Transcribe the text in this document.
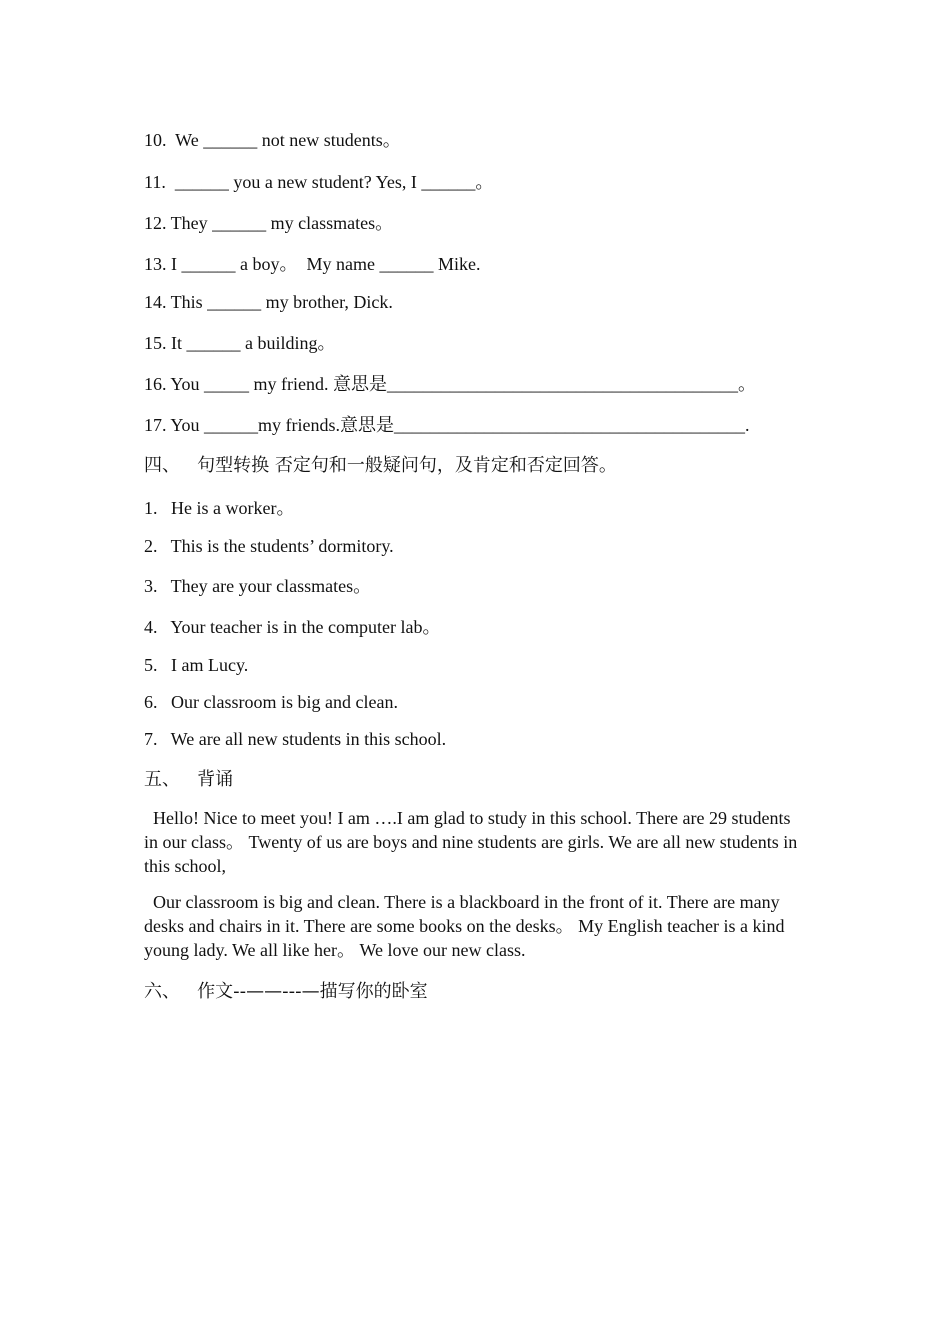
10.  We ______ not new students。
11.  ______ you a new student? Yes, I ______。
12. They ______ my classmates。
13. I ______ a boy。  My name ______ Mike.
14. This ______ my brother, Dick.
15. It ______ a building。
16. You _____ my friend. 意思是_______________________________________。
17. You ______my friends.意思是_______________________________________.
四、   句型转换 否定句和一般疑问句，及肯定和否定回答。
1.   He is a worker。
2.   This is the students’ dormitory.
3.   They are your classmates。
4.   Your teacher is in the computer lab。
5.   I am Lucy.
6.   Our classroom is big and clean.
7.   We are all new students in this school.
五、   背诵
Hello! Nice to meet you! I am ….I am glad to study in this school. There are 29 students in our class。 Twenty of us are boys and nine students are girls. We are all new students in this school,
Our classroom is big and clean. There is a blackboard in the front of it. There are many desks and chairs in it. There are some books on the desks。 My English teacher is a kind young lady. We all like her。 We love our new class.
六、   作文--——---—描写你的卧室
